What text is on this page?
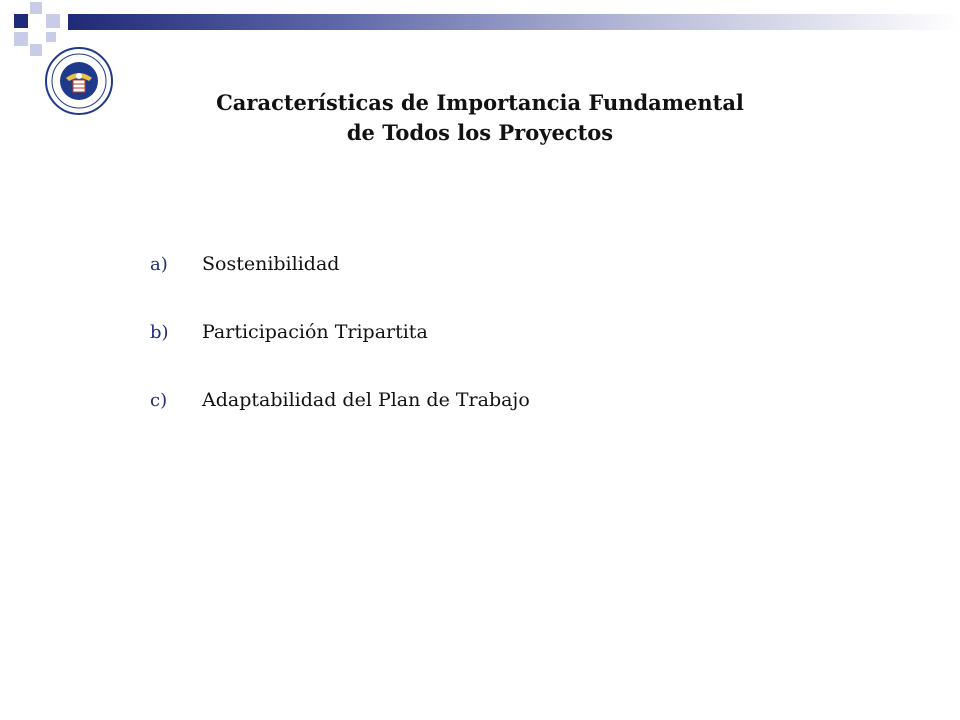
Características de Importancia Fundamental
de Todos los Proyectos
a)	Sostenibilidad
b)	Participación Tripartita
c)	Adaptabilidad del Plan de Trabajo
